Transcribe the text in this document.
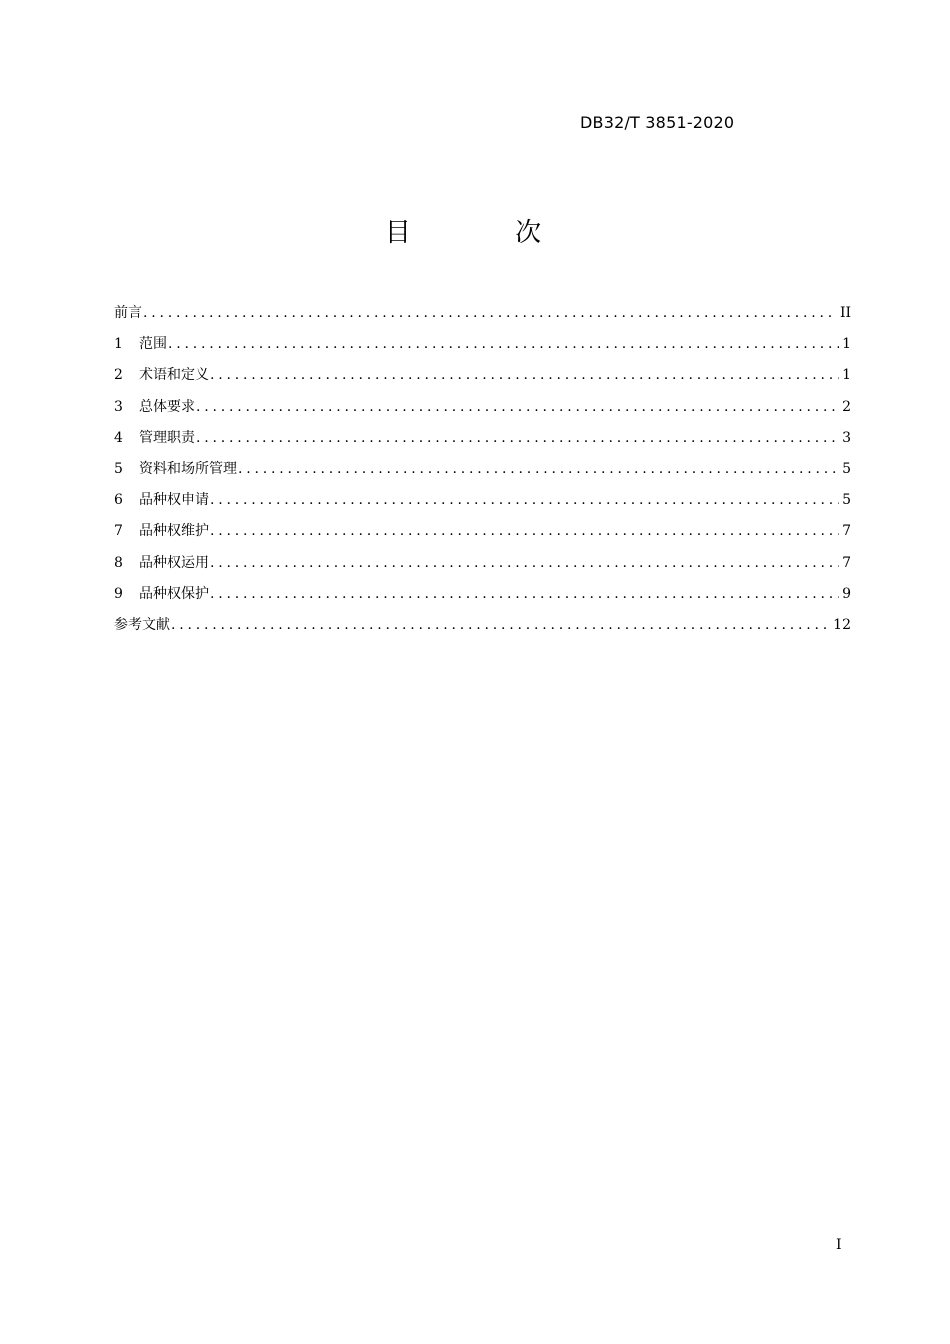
DB32/T 3851-2020
目 次
前言 .....	II
1	范围 .....	1
2	术语和定义 .....	1
3	总体要求 .....	2
4	管理职责 .....	3
5	资料和场所管理 .....	5
6	品种权申请 .....	5
7	品种权维护 .....	7
8	品种权运用 .....	7
9	品种权保护 .....	9
参考文献 .....	12
I
